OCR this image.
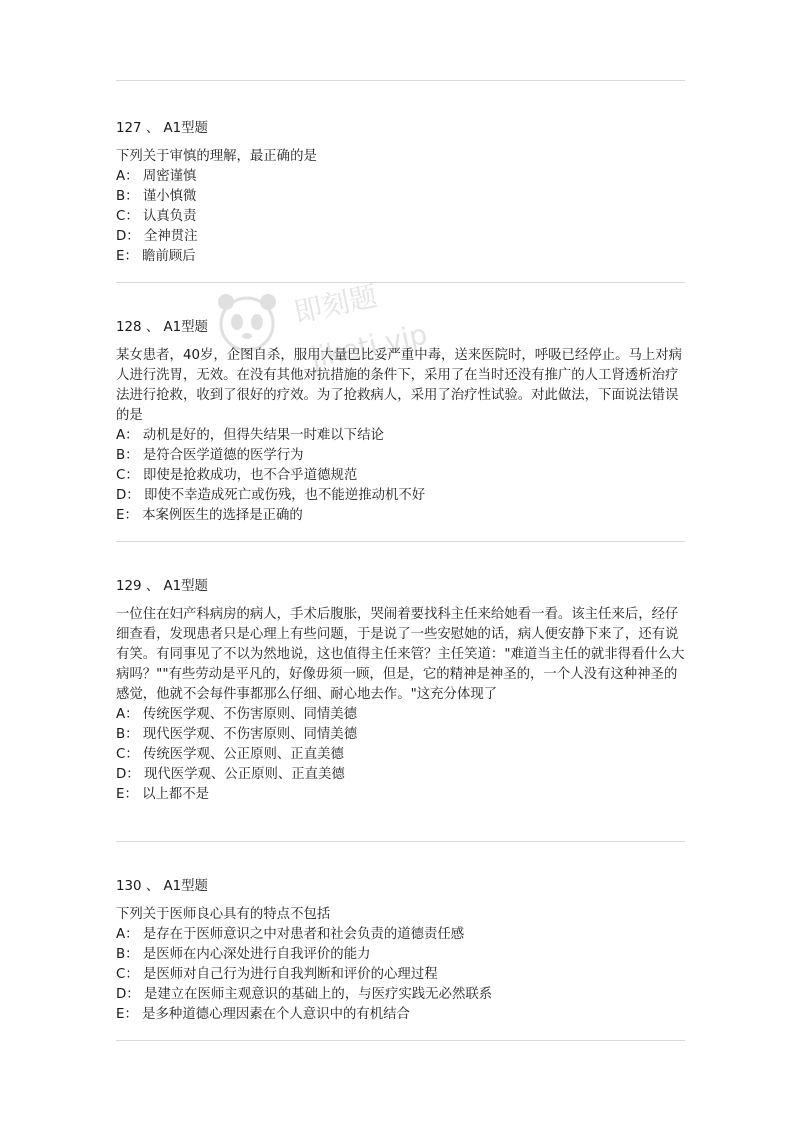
127 、 A1型题

下列关于审慎的理解，最正确的是

A： 周密谨慎

B： 谨小慎微

C： 认真负责

D： 全神贯注

E： 瞻前顾后

128 、 A1型题

某女患者，40岁，企图自杀，服用大量巴比妥严重中毒，送来医院时，呼吸已经停止。马上对病人进行洗胃，无效。在没有其他对抗措施的条件下，采用了在当时还没有推广的人工肾透析治疗法进行抢救，收到了很好的疗效。为了抢救病人，采用了治疗性试验。对此做法，下面说法错误的是

A： 动机是好的，但得失结果一时难以下结论

B： 是符合医学道德的医学行为

C： 即使是抢救成功，也不合乎道德规范

D： 即使不幸造成死亡或伤残，也不能逆推动机不好

E： 本案例医生的选择是正确的

129 、 A1型题

一位住在妇产科病房的病人，手术后腹胀，哭闹着要找科主任来给她看一看。该主任来后，经仔细查看，发现患者只是心理上有些问题，于是说了一些安慰她的话，病人便安静下来了，还有说有笑。有同事见了不以为然地说，这也值得主任来管？主任笑道："难道当主任的就非得看什么大病吗？""有些劳动是平凡的，好像毋须一顾，但是，它的精神是神圣的，一个人没有这种神圣的感觉，他就不会每件事都那么仔细、耐心地去作。"这充分体现了

A： 传统医学观、不伤害原则、同情美德

B： 现代医学观、不伤害原则、同情美德

C： 传统医学观、公正原则、正直美德

D： 现代医学观、公正原则、正直美德

E： 以上都不是

130 、 A1型题

下列关于医师良心具有的特点不包括

A： 是存在于医师意识之中对患者和社会负责的道德责任感

B： 是医师在内心深处进行自我评价的能力

C： 是医师对自己行为进行自我判断和评价的心理过程

D： 是建立在医师主观意识的基础上的，与医疗实践无必然联系

E： 是多种道德心理因素在个人意识中的有机结合

即刻题
jiketi.vip
